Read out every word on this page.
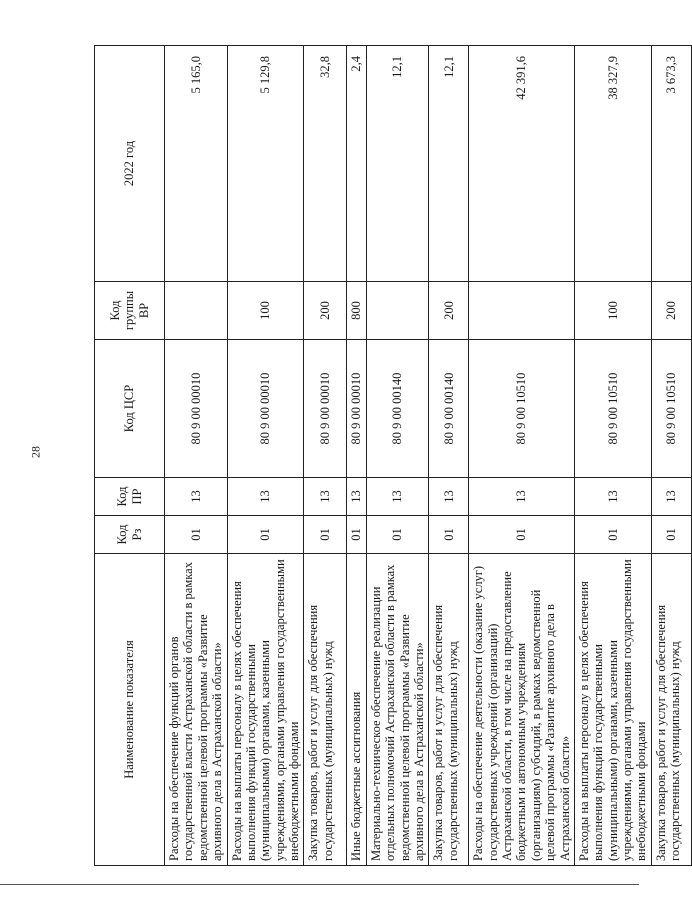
28
Наименование показателя	Код Рз	Код ПР	Код ЦСР	Код группы ВР	2022 год
Расходы на обеспечение функций органов государственной власти Астраханской области в рамках ведомственной целевой программы «Развитие архивного дела в Астраханской области»	01	13	80 9 00 00010		5 165,0
Расходы на выплаты персоналу в целях обеспечения выполнения функций государственными (муниципальными) органами, казенными учреждениями, органами управления государственными внебюджетными фондами	01	13	80 9 00 00010	100	5 129,8
Закупка товаров, работ и услуг для обеспечения государственных (муниципальных) нужд	01	13	80 9 00 00010	200	32,8
Иные бюджетные ассигнования	01	13	80 9 00 00010	800	2,4
Материально-техническое обеспечение реализации отдельных полномочий Астраханской области в рамках ведомственной целевой программы «Развитие архивного дела в Астраханской области»	01	13	80 9 00 00140		12,1
Закупка товаров, работ и услуг для обеспечения государственных (муниципальных) нужд	01	13	80 9 00 00140	200	12,1
Расходы на обеспечение деятельности (оказание услуг) государственных учреждений (организаций) Астраханской области, в том числе на предоставление бюджетным и автономным учреждениям (организациям) субсидий, в рамках ведомственной целевой программы «Развитие архивного дела в Астраханской области»	01	13	80 9 00 10510		42 391,6
Расходы на выплаты персоналу в целях обеспечения выполнения функций государственными (муниципальными) органами, казенными учреждениями, органами управления государственными внебюджетными фондами	01	13	80 9 00 10510	100	38 327,9
Закупка товаров, работ и услуг для обеспечения государственных (муниципальных) нужд	01	13	80 9 00 10510	200	3 673,3
